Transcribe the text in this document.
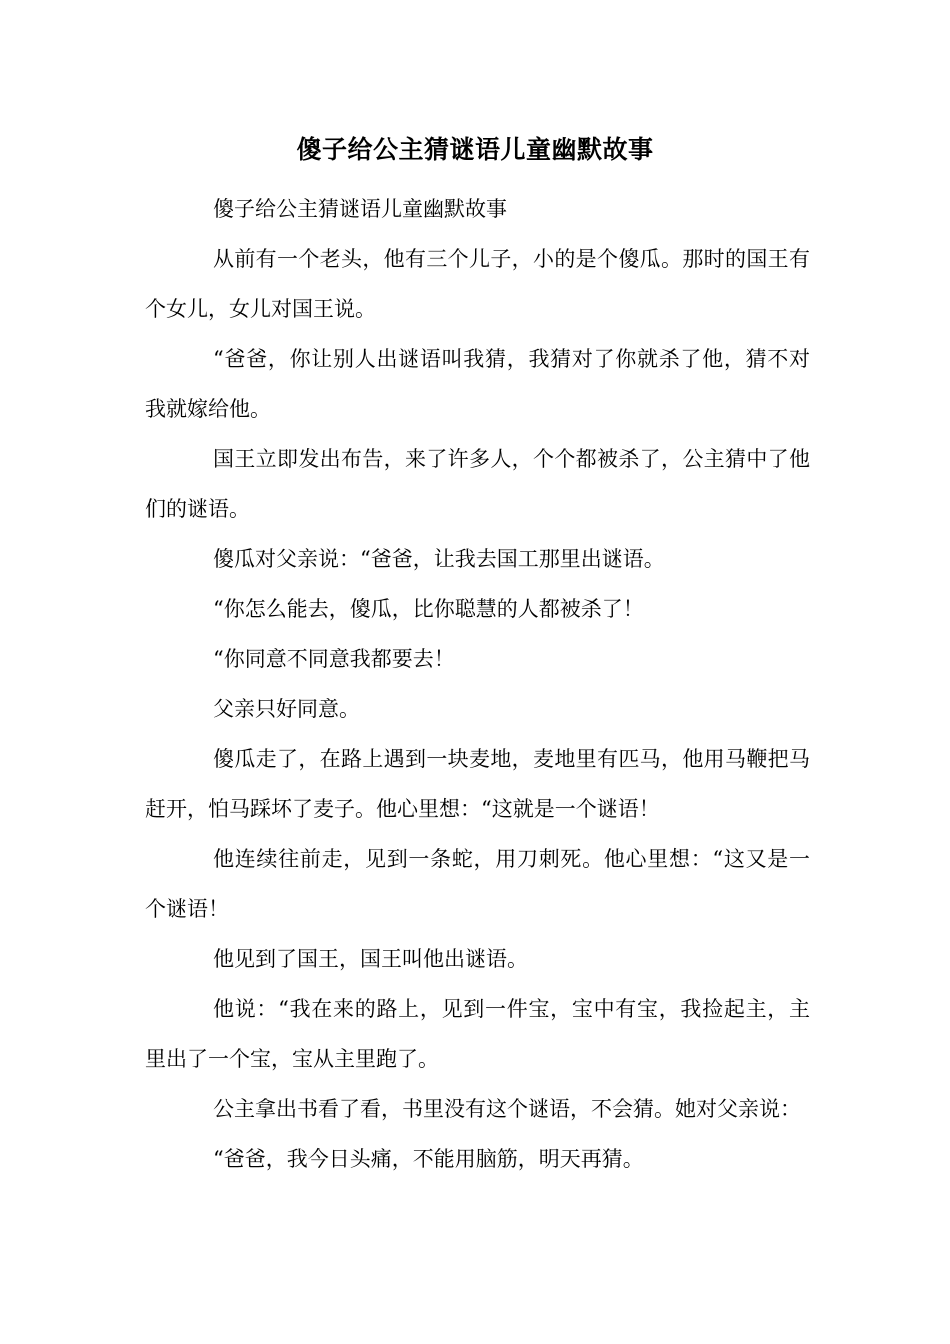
傻子给公主猜谜语儿童幽默故事

傻子给公主猜谜语儿童幽默故事

从前有一个老头，他有三个儿子，小的是个傻瓜。那时的国王有个女儿，女儿对国王说。

“爸爸，你让别人出谜语叫我猜，我猜对了你就杀了他，猜不对我就嫁给他。

国王立即发出布告，来了许多人，个个都被杀了，公主猜中了他们的谜语。

傻瓜对父亲说：“爸爸，让我去国工那里出谜语。

“你怎么能去，傻瓜，比你聪慧的人都被杀了！

“你同意不同意我都要去！

父亲只好同意。

傻瓜走了，在路上遇到一块麦地，麦地里有匹马，他用马鞭把马赶开，怕马踩坏了麦子。他心里想：“这就是一个谜语！

他连续往前走，见到一条蛇，用刀刺死。他心里想：“这又是一个谜语！

他见到了国王，国王叫他出谜语。

他说：“我在来的路上，见到一件宝，宝中有宝，我捡起主，主里出了一个宝，宝从主里跑了。

公主拿出书看了看，书里没有这个谜语，不会猜。她对父亲说：

“爸爸，我今日头痛，不能用脑筋，明天再猜。
